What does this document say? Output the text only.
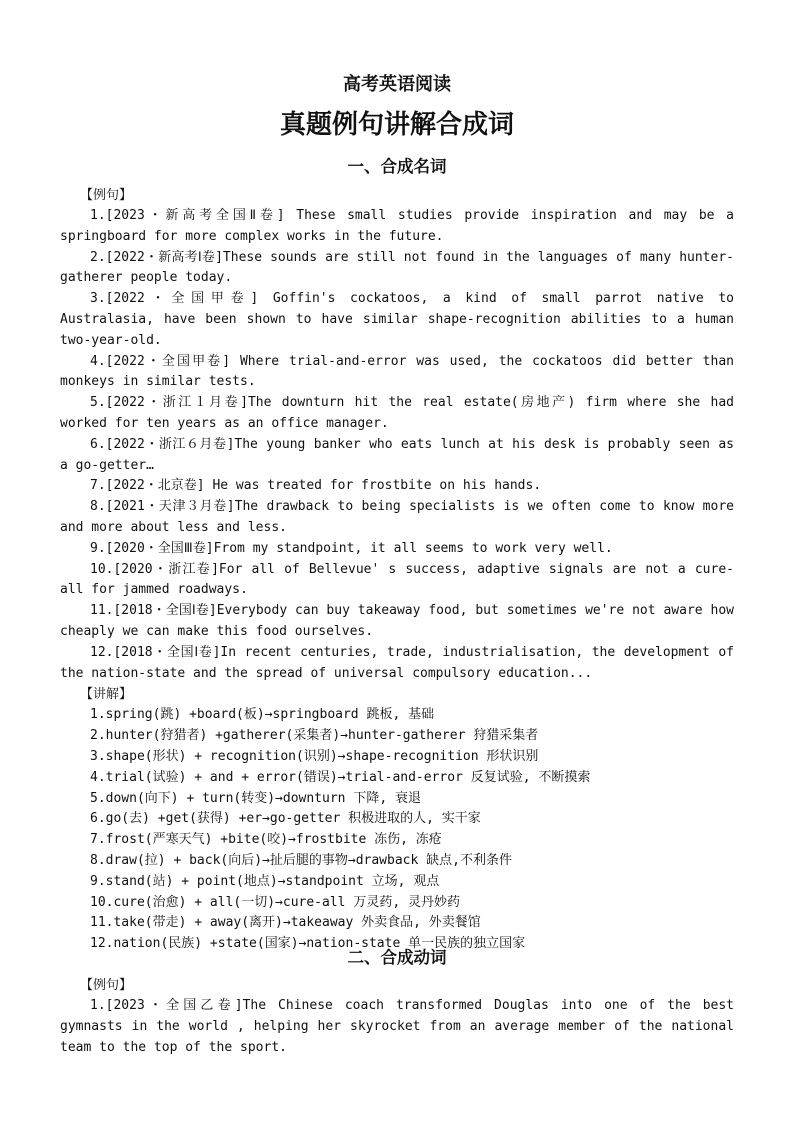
高考英语阅读
真题例句讲解合成词
一、合成名词
【例句】
1.[2023・新高考全国Ⅱ卷] These small studies provide inspiration and may be a springboard for more complex works in the future.
2.[2022・新高考Ⅰ卷]These sounds are still not found in the languages of many hunter-gatherer people today.
3.[2022・全国甲卷] Goffin's cockatoos, a kind of small parrot native to Australasia, have been shown to have similar shape-recognition abilities to a human two-year-old.
4.[2022・全国甲卷] Where trial-and-error was used, the cockatoos did better than monkeys in similar tests.
5.[2022・浙江１月卷]The downturn hit the real estate(房地产) firm where she had worked for ten years as an office manager.
6.[2022・浙江６月卷]The young banker who eats lunch at his desk is probably seen as a go-getter…
7.[2022・北京卷] He was treated for frostbite on his hands.
8.[2021・天津３月卷]The drawback to being specialists is we often come to know more and more about less and less.
9.[2020・全国Ⅲ卷]From my standpoint, it all seems to work very well.
10.[2020・浙江卷]For all of Bellevue' s success, adaptive signals are not a cure-all for jammed roadways.
11.[2018・全国Ⅰ卷]Everybody can buy takeaway food, but sometimes we're not aware how cheaply we can make this food ourselves.
12.[2018・全国Ⅰ卷]In recent centuries, trade, industrialisation, the development of the nation-state and the spread of universal compulsory education...
【讲解】
1.spring(跳) +board(板)→springboard 跳板, 基础
2.hunter(狩猎者) +gatherer(采集者)→hunter-gatherer 狩猎采集者
3.shape(形状) + recognition(识别)→shape-recognition 形状识别
4.trial(试验) + and + error(错误)→trial-and-error 反复试验, 不断摸索
5.down(向下) + turn(转变)→downturn 下降, 衰退
6.go(去) +get(获得) +er→go-getter 积极进取的人, 实干家
7.frost(严寒天气) +bite(咬)→frostbite 冻伤, 冻疮
8.draw(拉) + back(向后)→扯后腿的事物→drawback 缺点,不利条件
9.stand(站) + point(地点)→standpoint 立场, 观点
10.cure(治愈) + all(一切)→cure-all 万灵药, 灵丹妙药
11.take(带走) + away(离开)→takeaway 外卖食品, 外卖餐馆
12.nation(民族) +state(国家)→nation-state 单一民族的独立国家
二、合成动词
【例句】
1.[2023・全国乙卷]The Chinese coach transformed Douglas into one of the best gymnasts in the world , helping her skyrocket from an average member of the national team to the top of the sport.
